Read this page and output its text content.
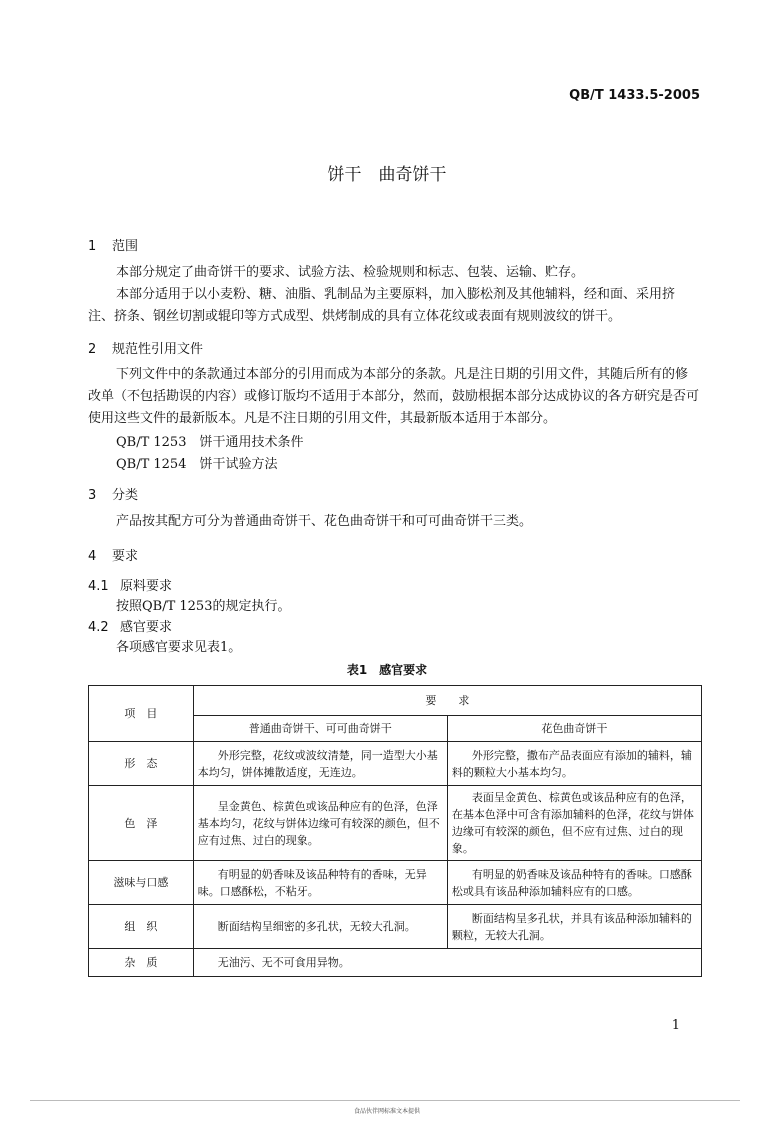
QB/T 1433.5-2005
饼干　曲奇饼干
1 范围
本部分规定了曲奇饼干的要求、试验方法、检验规则和标志、包装、运输、贮存。
本部分适用于以小麦粉、糖、油脂、乳制品为主要原料，加入膨松剂及其他辅料，经和面、采用挤注、挤条、钢丝切割或辊印等方式成型、烘烤制成的具有立体花纹或表面有规则波纹的饼干。
2 规范性引用文件
下列文件中的条款通过本部分的引用而成为本部分的条款。凡是注日期的引用文件，其随后所有的修改单（不包括勘误的内容）或修订版均不适用于本部分，然而，鼓励根据本部分达成协议的各方研究是否可使用这些文件的最新版本。凡是不注日期的引用文件，其最新版本适用于本部分。
QB/T 1253　饼干通用技术条件
QB/T 1254　饼干试验方法
3 分类
产品按其配方可分为普通曲奇饼干、花色曲奇饼干和可可曲奇饼干三类。
4 要求
4.1 原料要求
按照QB/T 1253的规定执行。
4.2 感官要求
各项感官要求见表1。
表1　感官要求
项　目	要　　求	
	普通曲奇饼干、可可曲奇饼干	花色曲奇饼干
形　态	外形完整，花纹或波纹清楚，同一造型大小基本均匀，饼体摊散适度，无连边。	外形完整，撒布产品表面应有添加的辅料，辅料的颗粒大小基本均匀。
色　泽	呈金黄色、棕黄色或该品种应有的色泽，色泽基本均匀，花纹与饼体边缘可有较深的颜色，但不应有过焦、过白的现象。	表面呈金黄色、棕黄色或该品种应有的色泽，在基本色泽中可含有添加辅料的色泽，花纹与饼体边缘可有较深的颜色，但不应有过焦、过白的现象。
滋味与口感	有明显的奶香味及该品种特有的香味，无异味。口感酥松，不粘牙。	有明显的奶香味及该品种特有的香味。口感酥松或具有该品种添加辅料应有的口感。
组　织	断面结构呈细密的多孔状，无较大孔洞。	断面结构呈多孔状，并具有该品种添加辅料的颗粒，无较大孔洞。
杂　质	无油污、无不可食用异物。	
1
食品伙伴网标准文本提供
